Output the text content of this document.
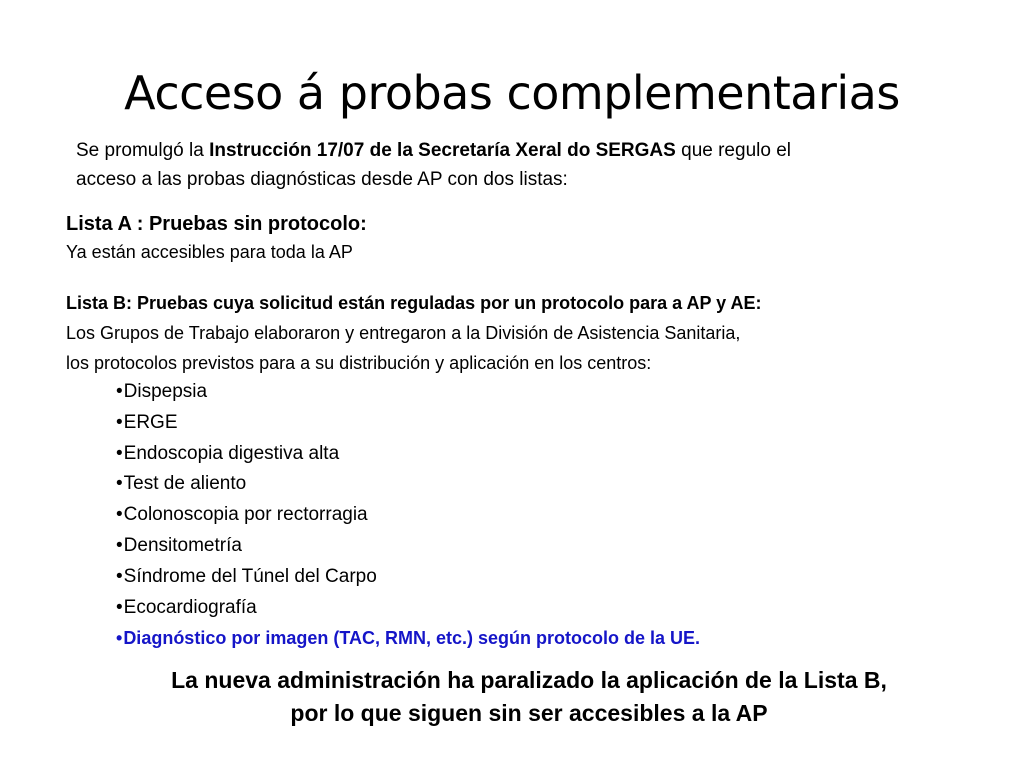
Acceso á probas complementarias
Se promulgó la Instrucción 17/07 de la Secretaría Xeral do SERGAS que regulo el
acceso a las probas diagnósticas desde AP con dos listas:
Lista A : Pruebas sin protocolo:
Ya están accesibles para toda la AP
Lista B: Pruebas cuya solicitud están reguladas por un protocolo para a AP y AE:
Los Grupos de Trabajo elaboraron y entregaron a la División de Asistencia Sanitaria,
los protocolos previstos para a su distribución y aplicación en los centros:
•Dispepsia
•ERGE
•Endoscopia digestiva alta
•Test de aliento
•Colonoscopia por rectorragia
•Densitometría
•Síndrome del Túnel del Carpo
•Ecocardiografía
•Diagnóstico por imagen (TAC, RMN, etc.) según protocolo de la UE.
La nueva administración ha paralizado la aplicación de la Lista B,
por lo que siguen sin ser accesibles a la AP
